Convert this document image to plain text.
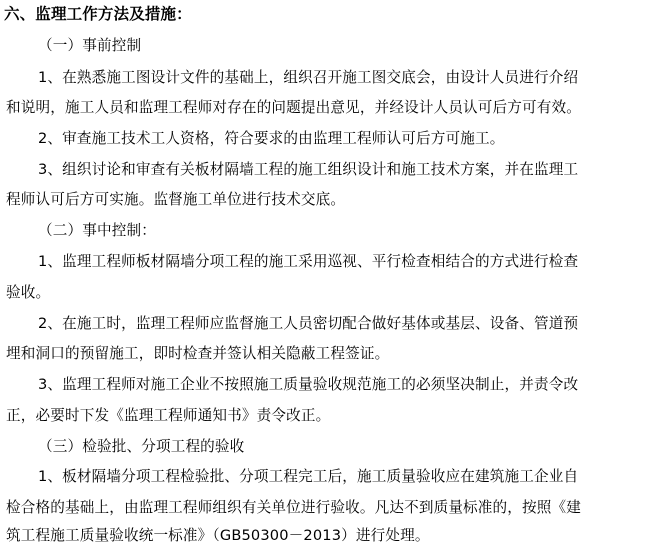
六、监理工作方法及措施：
（一）事前控制
1、在熟悉施工图设计文件的基础上，组织召开施工图交底会，由设计人员进行介绍
和说明，施工人员和监理工程师对存在的问题提出意见，并经设计人员认可后方可有效。
2、审查施工技术工人资格，符合要求的由监理工程师认可后方可施工。
3、组织讨论和审查有关板材隔墙工程的施工组织设计和施工技术方案，并在监理工
程师认可后方可实施。监督施工单位进行技术交底。
（二）事中控制：
1、监理工程师板材隔墙分项工程的施工采用巡视、平行检查相结合的方式进行检查
验收。
2、在施工时，监理工程师应监督施工人员密切配合做好基体或基层、设备、管道预
埋和洞口的预留施工，即时检查并签认相关隐蔽工程签证。
3、监理工程师对施工企业不按照施工质量验收规范施工的必须坚决制止，并责令改
正，必要时下发《监理工程师通知书》责令改正。
（三）检验批、分项工程的验收
1、板材隔墙分项工程检验批、分项工程完工后，施工质量验收应在建筑施工企业自
检合格的基础上，由监理工程师组织有关单位进行验收。凡达不到质量标准的，按照《建
筑工程施工质量验收统一标准》（GB50300－2013）进行处理。
